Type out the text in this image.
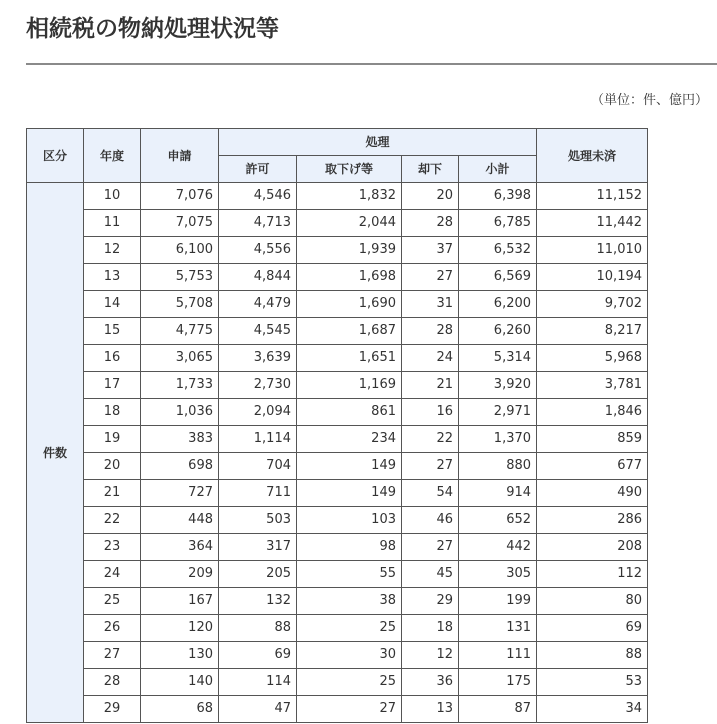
相続税の物納処理状況等
（単位：件、億円）
区分	年度	申請	処理				処理未済
			許可	取下げ等	却下	小計	
件数	10	7,076	4,546	1,832	20	6,398	11,152
	11	7,075	4,713	2,044	28	6,785	11,442
	12	6,100	4,556	1,939	37	6,532	11,010
	13	5,753	4,844	1,698	27	6,569	10,194
	14	5,708	4,479	1,690	31	6,200	9,702
	15	4,775	4,545	1,687	28	6,260	8,217
	16	3,065	3,639	1,651	24	5,314	5,968
	17	1,733	2,730	1,169	21	3,920	3,781
	18	1,036	2,094	861	16	2,971	1,846
	19	383	1,114	234	22	1,370	859
	20	698	704	149	27	880	677
	21	727	711	149	54	914	490
	22	448	503	103	46	652	286
	23	364	317	98	27	442	208
	24	209	205	55	45	305	112
	25	167	132	38	29	199	80
	26	120	88	25	18	131	69
	27	130	69	30	12	111	88
	28	140	114	25	36	175	53
	29	68	47	27	13	87	34
